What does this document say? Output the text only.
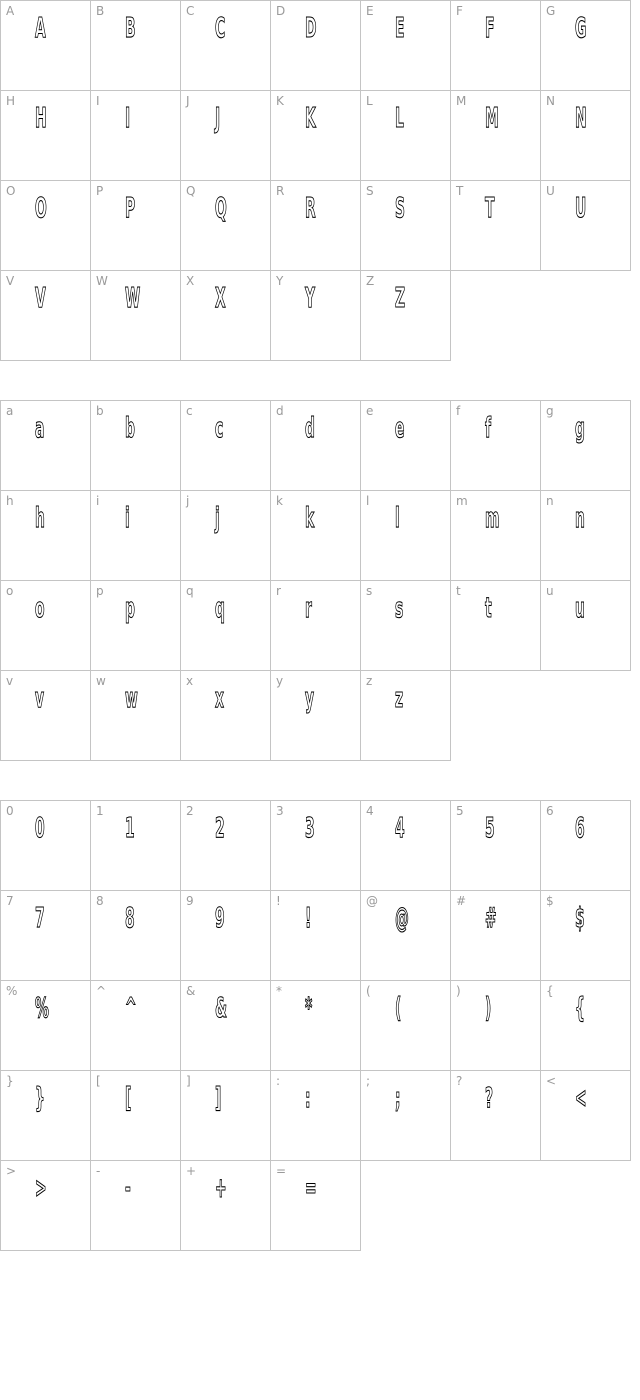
A A	B B	C C	D D	E E	F F	G G
H H	I I	J J	K K	L L	M M	N N
O O	P P	Q Q	R R	S S	T T	U U
V V	W W	X X	Y Y	Z Z
a a	b b	c c	d d	e e	f f	g g
h h	i i	j j	k k	l l	m m	n n
o o	p p	q q	r r	s s	t t	u u
v v	w w	x x	y y	z z
0 0	1 1	2 2	3 3	4 4	5 5	6 6
7 7	8 8	9 9	! !	@ @	# #	$ $
% %	^ ^	& &	* *	( (	) )	{ {
} }	[ [	] ]	: :	; ;	? ?	< <
> >	- -	+ +	= =
